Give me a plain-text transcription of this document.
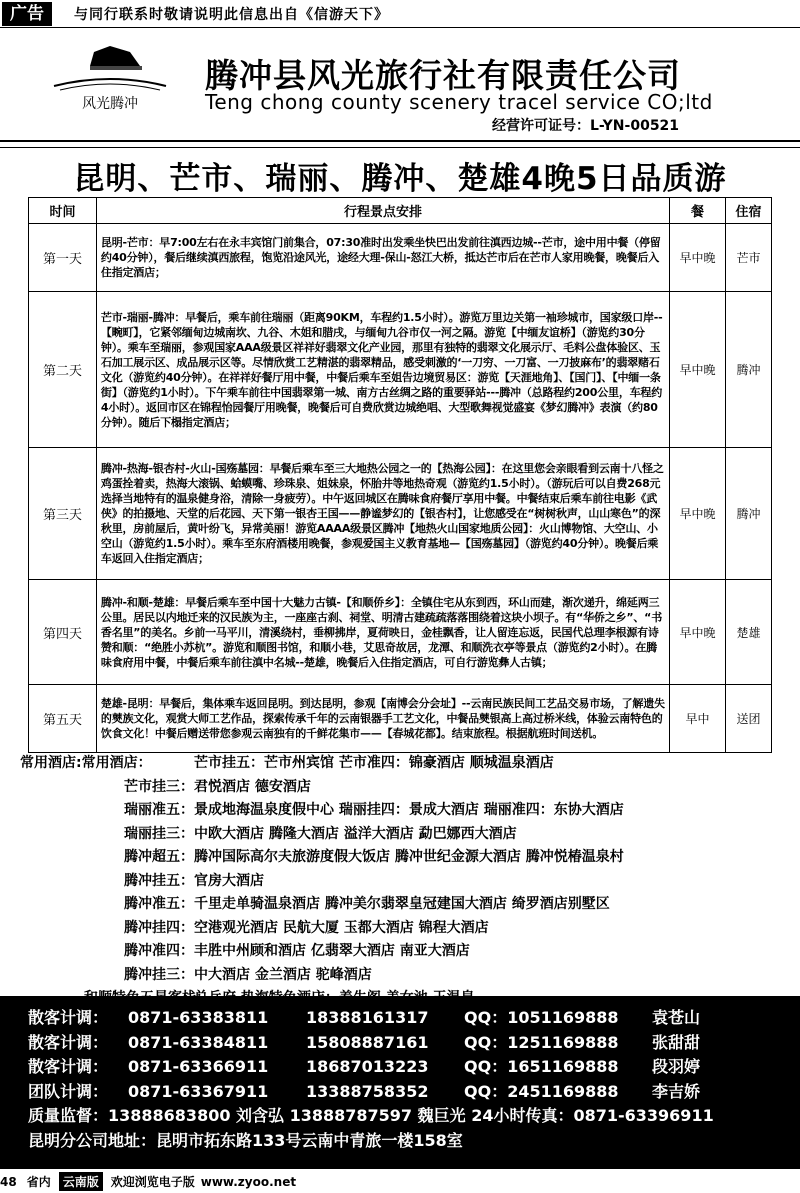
广告	与同行联系时敬请说明此信息出自《信游天下》
风光腾冲
腾冲县风光旅行社有限责任公司
Teng chong county scenery tracel service CO;ltd
经营许可证号：L-YN-00521
昆明、芒市、瑞丽、腾冲、楚雄4晚5日品质游
时间	行程景点安排	餐	住宿
第一天	昆明-芒市：早7:00左右在永丰宾馆门前集合，07:30准时出发乘坐快巴出发前往滇西边城--芒市，途中用中餐（停留约40分钟），餐后继续滇西旅程，饱览沿途风光，途经大理-保山-怒江大桥，抵达芒市后在芒市人家用晚餐，晚餐后入住指定酒店；	早中晚	芒市
第二天	芒市-瑞丽-腾冲：早餐后，乘车前往瑞丽（距离90KM，车程约1.5小时）。游览万里边关第一袖珍城市，国家级口岸--【畹町】，它紧邻缅甸边城南坎、九谷、木姐和腊戌，与缅甸九谷市仅一河之隔。游览【中缅友谊桥】（游览约30分钟）。乘车至瑞丽，参观国家AAA级景区祥祥好翡翠文化产业园，那里有独特的翡翠文化展示厅、毛料公盘体验区、玉石加工展示区、成品展示区等。尽情欣赏工艺精湛的翡翠精品，感受刺激的‘一刀穷、一刀富、一刀披麻布’的翡翠赌石文化（游览约40分钟）。在祥祥好餐厅用中餐，中餐后乘车至姐告边境贸易区：游览【天涯地角】、【国门】、【中缅一条街】（游览约1小时）。下午乘车前往中国翡翠第一城、南方古丝绸之路的重要驿站---腾冲（总路程约200公里，车程约4小时）。返回市区在锦程怡园餐厅用晚餐，晚餐后可自费欣赏边城绝唱、大型歌舞视觉盛宴《梦幻腾冲》表演（约80分钟）。随后下榻指定酒店；	早中晚	腾冲
第三天	腾冲-热海-银杏村-火山-国殇墓园：早餐后乘车至三大地热公园之一的【热海公园】：在这里您会亲眼看到云南十八怪之鸡蛋拴着卖，热海大滚锅、蛤蟆嘴、珍珠泉、姐妹泉，怀胎井等地热奇观（游览约1.5小时）。（游玩后可以自费268元选择当地特有的温泉健身浴，清除一身疲劳）。中午返回城区在腾味食府餐厅享用中餐。中餐结束后乘车前往电影《武侠》的拍摄地、天堂的后花园、天下第一银杏王国——静谧梦幻的【银杏村】，让您感受在“树树秋声，山山寒色”的深秋里，房前屋后，黄叶纷飞，异常美丽！游览AAAA级景区腾冲【地热火山国家地质公园】：火山博物馆、大空山、小空山（游览约1.5小时）。乘车至东府酒楼用晚餐，参观爱国主义教育基地—【国殇墓园】（游览约40分钟）。晚餐后乘车返回入住指定酒店；	早中晚	腾冲
第四天	腾冲-和顺-楚雄：早餐后乘车至中国十大魅力古镇-【和顺侨乡】：全镇住宅从东到西，环山而建，渐次递升，绵延两三公里。居民以内地迁来的汉民族为主，一座座古刹、祠堂、明清古建疏疏落落围绕着这块小坝子。有“华侨之乡”、“书香名里”的美名。乡前一马平川，清溪绕村，垂柳拂岸，夏荷映日，金桂飘香，让人留连忘返，民国代总理李根源有诗赞和顺：“绝胜小苏杭”。游览和顺图书馆，和顺小巷，艾思奇故居，龙潭、和顺洗衣亭等景点（游览约2小时）。在腾味食府用中餐，中餐后乘车前往滇中名城--楚雄，晚餐后入住指定酒店，可自行游览彝人古镇；	早中晚	楚雄
第五天	楚雄-昆明：早餐后，集体乘车返回昆明。到达昆明，参观【南博会分会址】--云南民族民间工艺品交易市场，了解遗失的僰族文化，观赏大师工艺作品，探索传承千年的云南银器手工艺文化，中餐品僰银高上高过桥米线，体验云南特色的饮食文化！中餐后赠送带您参观云南独有的千鲜花集市——【春城花都】。结束旅程。根据航班时间送机。	早中	送团
常用酒店:常用酒店：	芒市挂五：芒市州宾馆 芒市准四：锦豪酒店 顺城温泉酒店
芒市挂三： 君悦酒店 德安酒店
瑞丽准五： 景成地海温泉度假中心 瑞丽挂四：景成大酒店 瑞丽准四：东协大酒店
瑞丽挂三： 中欧大酒店 腾隆大酒店 溢洋大酒店 勐巴娜西大酒店
腾冲超五： 腾冲国际高尔夫旅游度假大饭店 腾冲世纪金源大酒店 腾冲悦椿温泉村
腾冲挂五： 官房大酒店
腾冲准五： 千里走单骑温泉酒店 腾冲美尔翡翠皇冠建国大酒店 绮罗酒店别墅区
腾冲挂四： 空港观光酒店 民航大厦 玉都大酒店 锦程大酒店
腾冲准四： 丰胜中州顾和酒店 亿翡翠大酒店 南亚大酒店
腾冲挂三： 中大酒店 金兰酒店 驼峰酒店
散客计调：	0871-63383811	18388161317	QQ：1051169888	袁苍山
散客计调：	0871-63384811	15808887161	QQ：1251169888	张甜甜
散客计调：	0871-63366911	18687013223	QQ：1651169888	段羽婷
团队计调：	0871-63367911	13388758352	QQ：2451169888	李吉娇
质量监督：13888683800 刘含弘 13888787597 魏巨光 24小时传真：0871-63396911
昆明分公司地址：昆明市拓东路133号云南中青旅一楼158室
48 省内	云南版	欢迎浏览电子版 www.zyoo.net
